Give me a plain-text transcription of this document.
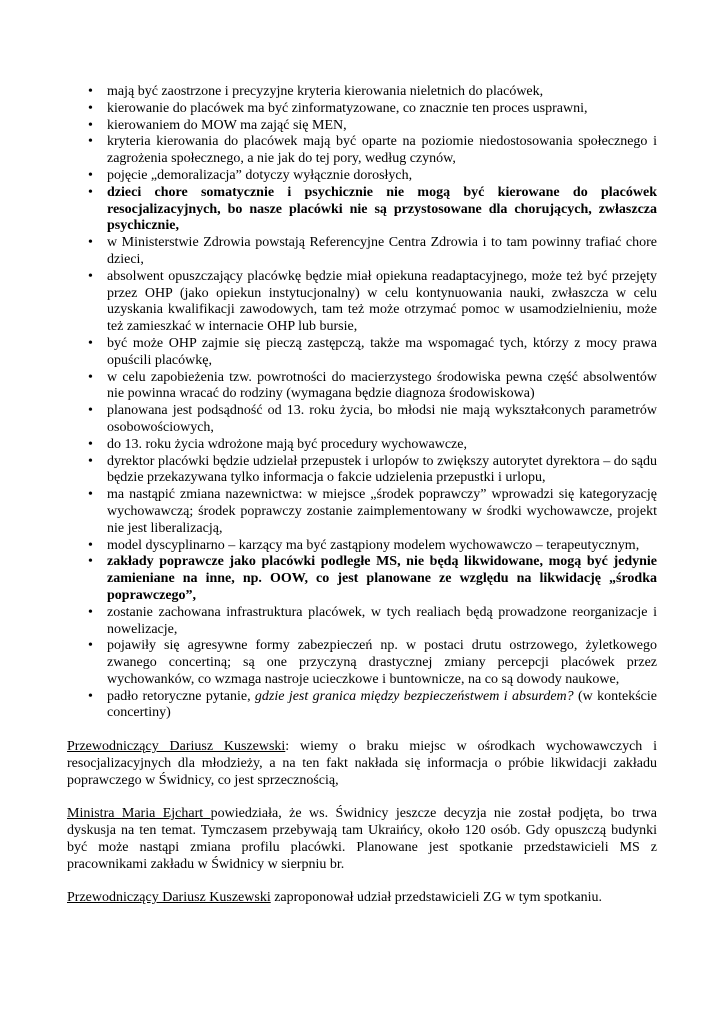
• mają być zaostrzone i precyzyjne kryteria kierowania nieletnich do placówek,
• kierowanie do placówek ma być zinformatyzowane, co znacznie ten proces usprawni,
• kierowaniem do MOW ma zająć się MEN,
• kryteria kierowania do placówek mają być oparte na poziomie niedostosowania społecznego i zagrożenia społecznego, a nie jak do tej pory, według czynów,
• pojęcie „demoralizacja” dotyczy wyłącznie dorosłych,
• dzieci chore somatycznie i psychicznie nie mogą być kierowane do placówek resocjalizacyjnych, bo nasze placówki nie są przystosowane dla chorujących, zwłaszcza psychicznie,
• w Ministerstwie Zdrowia powstają Referencyjne Centra Zdrowia i to tam powinny trafiać chore dzieci,
• absolwent opuszczający placówkę będzie miał opiekuna readaptacyjnego, może też być przejęty przez OHP (jako opiekun instytucjonalny) w celu kontynuowania nauki, zwłaszcza w celu uzyskania kwalifikacji zawodowych, tam też może otrzymać pomoc w usamodzielnieniu, może też zamieszkać w internacie OHP lub bursie,
• być może OHP zajmie się pieczą zastępczą, także ma wspomagać tych, którzy z mocy prawa opuścili placówkę,
• w celu zapobieżenia tzw. powrotności do macierzystego środowiska pewna część absolwentów nie powinna wracać do rodziny (wymagana będzie diagnoza środowiskowa)
• planowana jest podsądność od 13. roku życia, bo młodsi nie mają wykształconych parametrów osobowościowych,
• do 13. roku życia wdrożone mają być procedury wychowawcze,
• dyrektor placówki będzie udzielał przepustek i urlopów to zwiększy autorytet dyrektora – do sądu będzie przekazywana tylko informacja o fakcie udzielenia przepustki i urlopu,
• ma nastąpić zmiana nazewnictwa: w miejsce „środek poprawczy” wprowadzi się kategoryzację wychowawczą; środek poprawczy zostanie zaimplementowany w środki wychowawcze, projekt nie jest liberalizacją,
• model dyscyplinarno – karzący ma być zastąpiony modelem wychowawczo – terapeutycznym,
• zakłady poprawcze jako placówki podległe MS, nie będą likwidowane, mogą być jedynie zamieniane na inne, np. OOW, co jest planowane ze względu na likwidację „środka poprawczego”,
• zostanie zachowana infrastruktura placówek, w tych realiach będą prowadzone reorganizacje i nowelizacje,
• pojawiły się agresywne formy zabezpieczeń np. w postaci drutu ostrzowego, żyletkowego zwanego concertiną; są one przyczyną drastycznej zmiany percepcji placówek przez wychowanków, co wzmaga nastroje ucieczkowe i buntownicze, na co są dowody naukowe,
• padło retoryczne pytanie, gdzie jest granica między bezpieczeństwem i absurdem? (w kontekście concertiny)

Przewodniczący Dariusz Kuszewski: wiemy o braku miejsc w ośrodkach wychowawczych i resocjalizacyjnych dla młodzieży, a na ten fakt nakłada się informacja o próbie likwidacji zakładu poprawczego w Świdnicy, co jest sprzecznością,

Ministra Maria Ejchart powiedziała, że ws. Świdnicy jeszcze decyzja nie został podjęta, bo trwa dyskusja na ten temat. Tymczasem przebywają tam Ukraińcy, około 120 osób. Gdy opuszczą budynki być może nastąpi zmiana profilu placówki. Planowane jest spotkanie przedstawicieli MS z pracownikami zakładu w Świdnicy w sierpniu br.

Przewodniczący Dariusz Kuszewski zaproponował udział przedstawicieli ZG w tym spotkaniu.
